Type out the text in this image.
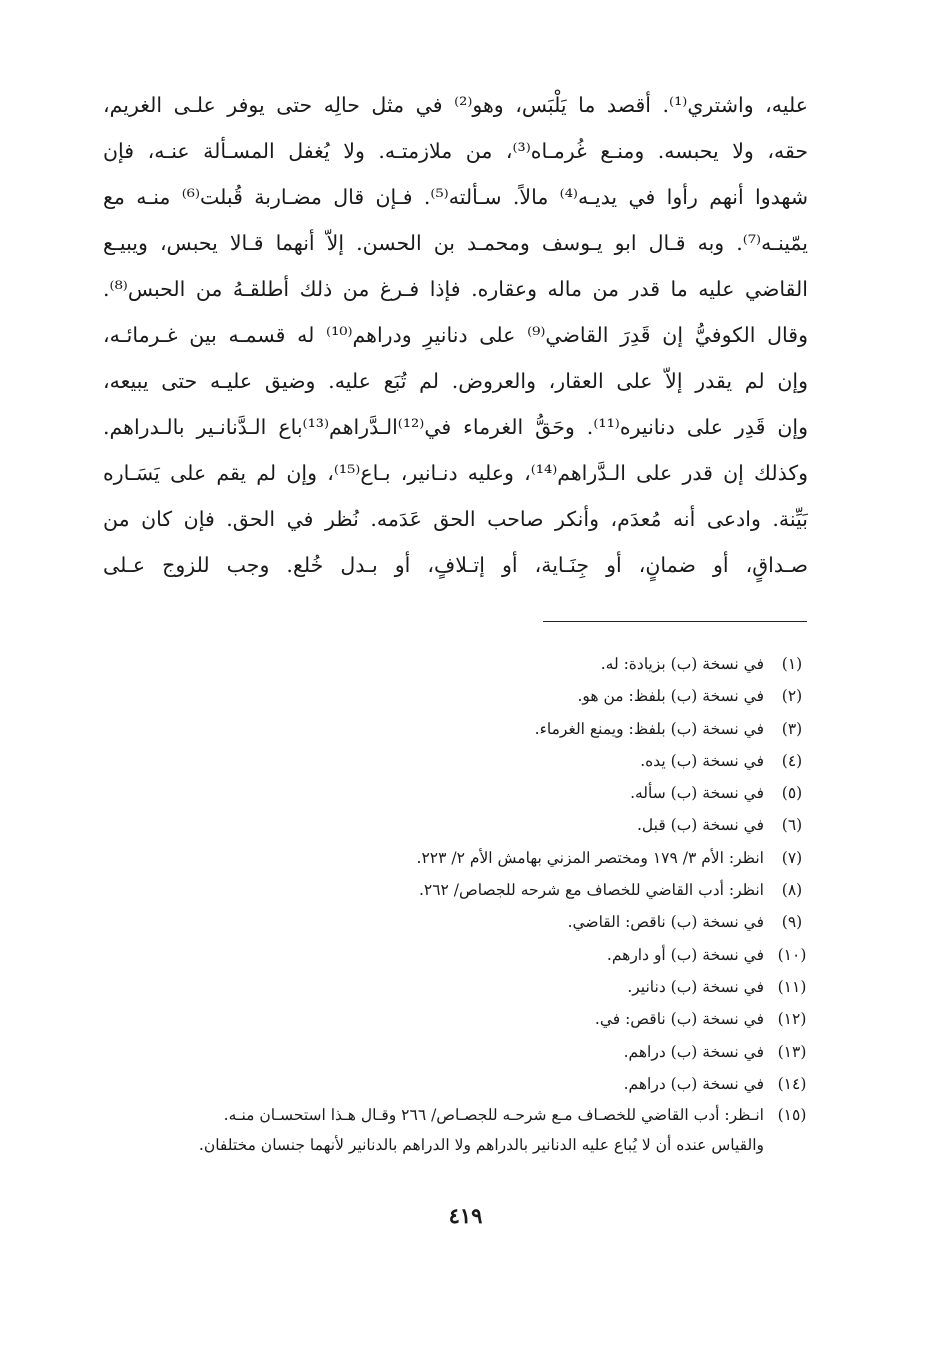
عليه، واشتري⁽¹⁾. أقصد ما يَلْبَس، وهو⁽²⁾ في مثل حالِه حتى يوفر علـى الغريم،
حقه، ولا يحبسه. ومنـع غُرمـاه⁽³⁾، من ملازمتـه. ولا يُغفل المسـألة عنـه، فإن
شهدوا أنهم رأوا في يديـه⁽⁴⁾ مالاً. سـألته⁽⁵⁾. فـإن قال مضـاربة قُبلت⁽⁶⁾ منـه مع
يمّينـه⁽⁷⁾. وبه قـال ابو يـوسف ومحمـد بن الحسن. إلاّ أنهما قـالا يحبس، ويبيـع
القاضي عليه ما قدر من ماله وعقاره. فإذا فـرغ من ذلك أطلقـهُ من الحبس⁽⁸⁾.
وقال الكوفيُّ إن قَدِرَ القاضي⁽⁹⁾ على دنانيرِ ودراهم⁽¹⁰⁾ له قسمـه بين غـرمائـه،
وإن لم يقدر إلاّ على العقار، والعروض. لم تُبَع عليه. وضيق عليـه حتى يبيعه،
وإن قَدِر على دنانيره⁽¹¹⁾. وحَقُّ الغرماء في⁽¹²⁾الـدَّراهم⁽¹³⁾باع الـدَّنانـير بالـدراهم.
وكذلك إن قدر على الـدَّراهم⁽¹⁴⁾، وعليه دنـانير، بـاع⁽¹⁵⁾، وإن لم يقم على يَسَـاره
بَيِّنة. وادعى أنه مُعدَم، وأنكر صاحب الحق عَدَمه. نُظر في الحق. فإن كان من
صـداقٍ، أو ضمانٍ، أو جِنَـاية، أو إتـلافٍ، أو بـدل خُلع. وجب للزوج عـلى
(١)
في نسخة (ب) بزيادة: له.
(٢)
في نسخة (ب) بلفظ: من هو.
(٣)
في نسخة (ب) بلفظ: ويمنع الغرماء.
(٤)
في نسخة (ب) يده.
(٥)
في نسخة (ب) سأله.
(٦)
في نسخة (ب) قبل.
(٧)
انظر: الأم ٣/ ١٧٩ ومختصر المزني بهامش الأم ٢/ ٢٢٣.
(٨)
انظر: أدب القاضي للخصاف مع شرحه للجصاص/ ٢٦٢.
(٩)
في نسخة (ب) ناقص: القاضي.
(١٠)
في نسخة (ب) أو دارهم.
(١١)
في نسخة (ب) دنانير.
(١٢)
في نسخة (ب) ناقص: في.
(١٣)
في نسخة (ب) دراهم.
(١٤)
في نسخة (ب) دراهم.
(١٥)
انـظر: أدب القاضي للخصـاف مـع شرحـه للجصـاص/ ٢٦٦ وقـال هـذا استحسـان منـه.
والقياس عنده أن لا يُباع عليه الدنانير بالدراهم ولا الدراهم بالدنانير لأنهما جنسان مختلفان.
٤١٩
